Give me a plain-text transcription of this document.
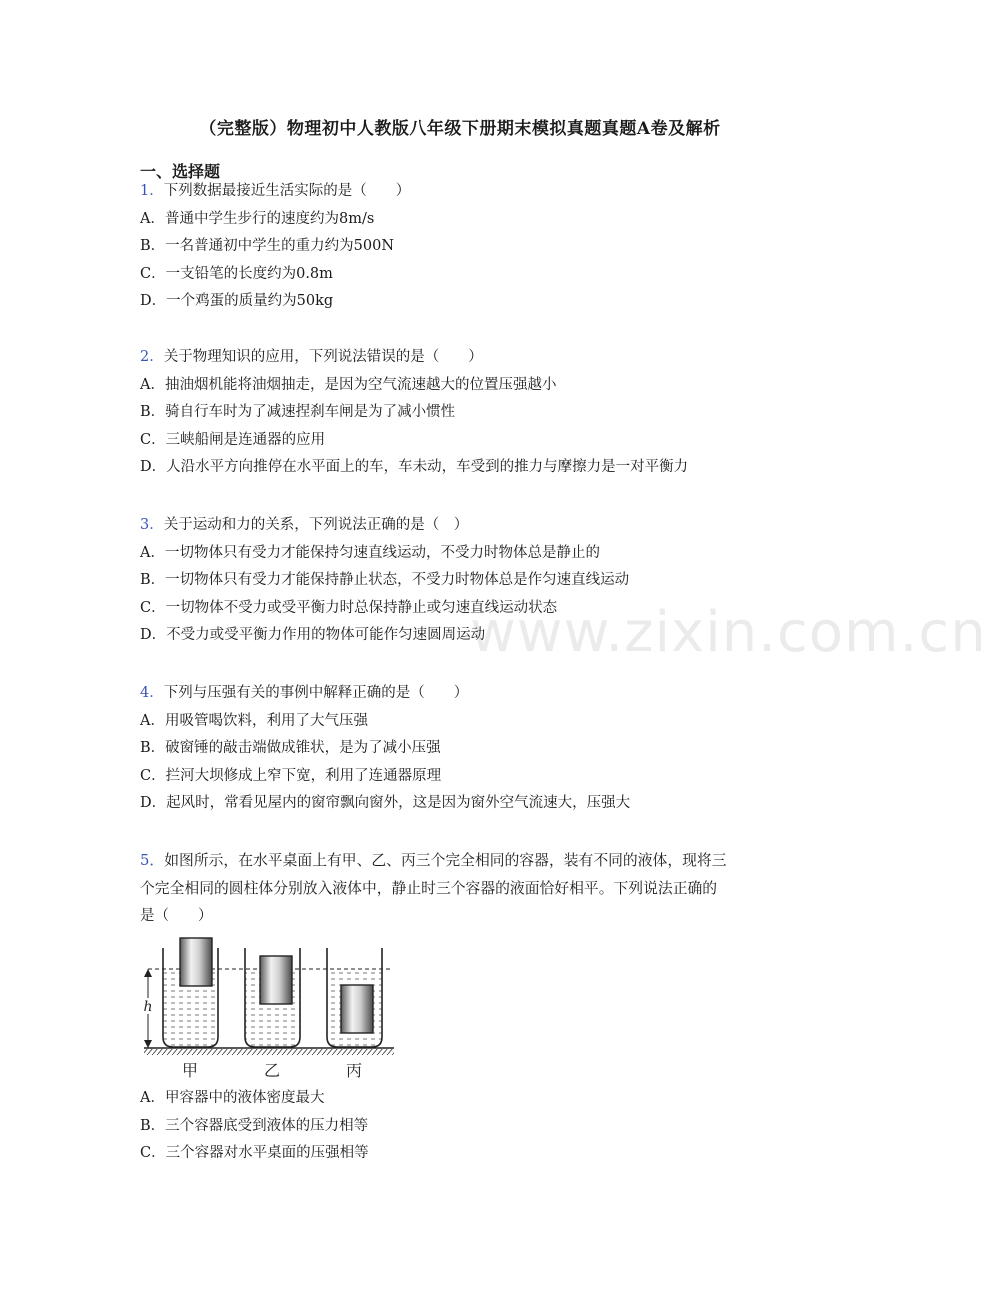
（完整版）物理初中人教版八年级下册期末模拟真题真题A卷及解析
一、选择题
www.zixin.com.cn
1．下列数据最接近生活实际的是（　　）
A．普通中学生步行的速度约为8m/s
B．一名普通初中学生的重力约为500N
C．一支铅笔的长度约为0.8m
D．一个鸡蛋的质量约为50kg
2．关于物理知识的应用，下列说法错误的是（　　）
A．抽油烟机能将油烟抽走，是因为空气流速越大的位置压强越小
B．骑自行车时为了减速捏刹车闸是为了减小惯性
C．三峡船闸是连通器的应用
D．人沿水平方向推停在水平面上的车，车未动，车受到的推力与摩擦力是一对平衡力
3．关于运动和力的关系，下列说法正确的是（　）
A．一切物体只有受力才能保持匀速直线运动，不受力时物体总是静止的
B．一切物体只有受力才能保持静止状态，不受力时物体总是作匀速直线运动
C．一切物体不受力或受平衡力时总保持静止或匀速直线运动状态
D．不受力或受平衡力作用的物体可能作匀速圆周运动
4．下列与压强有关的事例中解释正确的是（　　）
A．用吸管喝饮料，利用了大气压强
B．破窗锤的敲击端做成锥状，是为了减小压强
C．拦河大坝修成上窄下宽，利用了连通器原理
D．起风时，常看见屋内的窗帘飘向窗外，这是因为窗外空气流速大，压强大
5．如图所示，在水平桌面上有甲、乙、丙三个完全相同的容器，装有不同的液体，现将三
个完全相同的圆柱体分别放入液体中，静止时三个容器的液面恰好相平。下列说法正确的
是（　　）
h
甲	乙	丙
A．甲容器中的液体密度最大
B．三个容器底受到液体的压力相等
C．三个容器对水平桌面的压强相等
